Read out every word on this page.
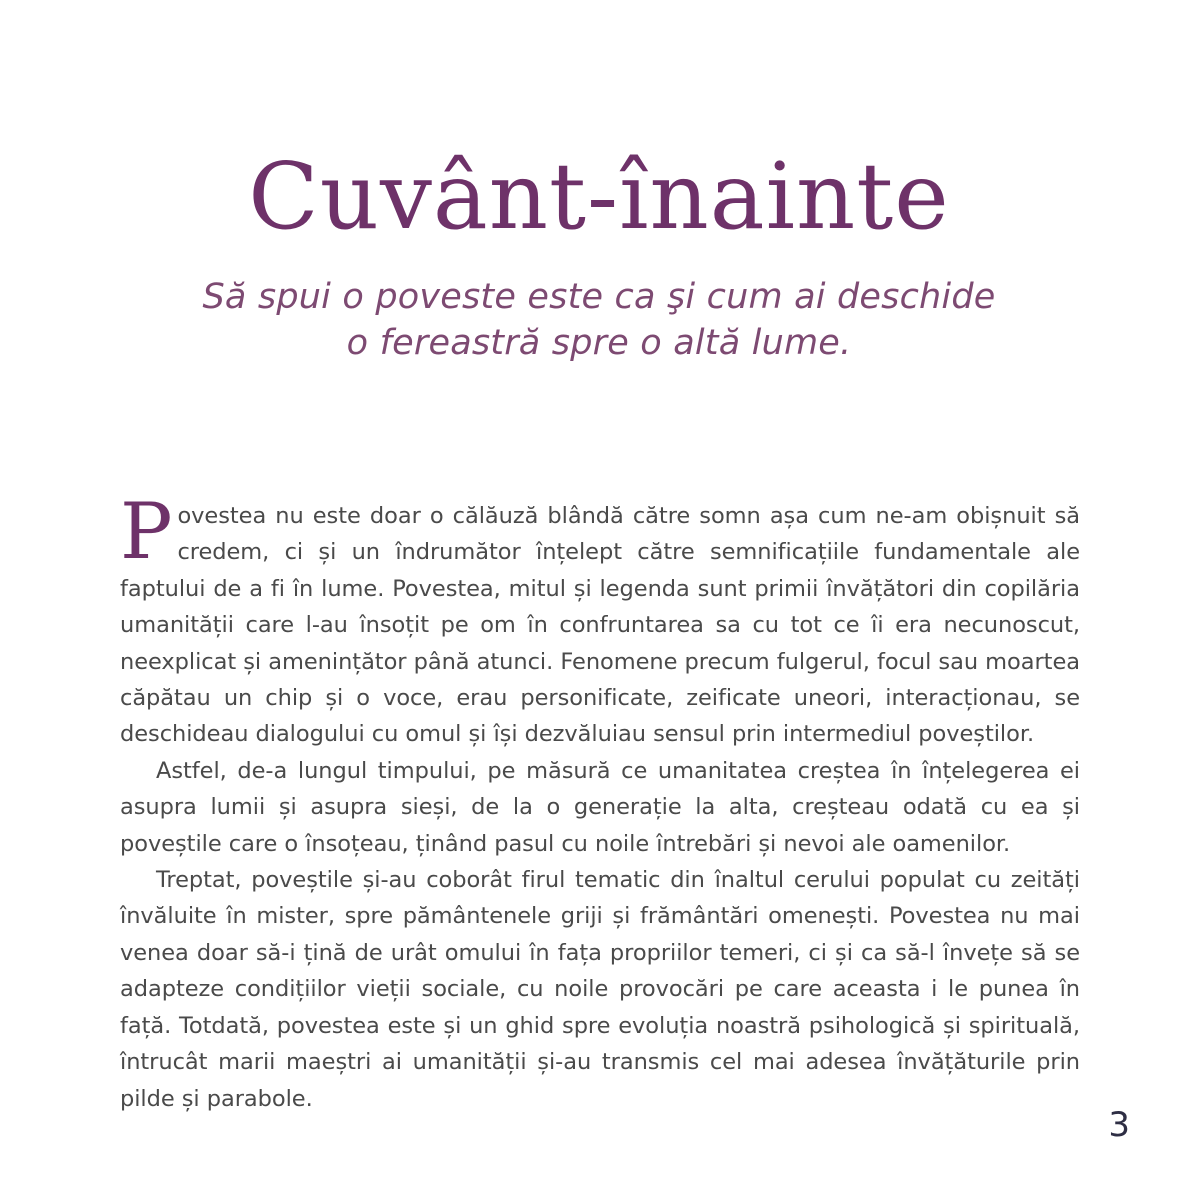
Cuvânt-înainte

Să spui o poveste este ca şi cum ai deschide
o fereastră spre o altă lume.

Povestea nu este doar o călăuză blândă către somn așa cum ne-am obișnuit să credem, ci și un îndrumător înțelept către semnificațiile fundamentale ale faptului de a fi în lume. Povestea, mitul și legenda sunt primii învățători din copilăria umanității care l-au însoțit pe om în confruntarea sa cu tot ce îi era necunoscut, neexplicat și amenințător până atunci. Fenomene precum fulgerul, focul sau moartea căpătau un chip și o voce, erau personificate, zeificate uneori, interacționau, se deschideau dialogului cu omul și își dezvăluiau sensul prin intermediul poveștilor.

Astfel, de-a lungul timpului, pe măsură ce umanitatea creștea în înțelegerea ei asupra lumii și asupra sieși, de la o generație la alta, creșteau odată cu ea și poveștile care o însoțeau, ținând pasul cu noile întrebări și nevoi ale oamenilor.

Treptat, poveștile și-au coborât firul tematic din înaltul cerului populat cu zeități învăluite în mister, spre pământenele griji și frământări omenești. Povestea nu mai venea doar să-i țină de urât omului în fața propriilor temeri, ci și ca să-l învețe să se adapteze condițiilor vieții sociale, cu noile provocări pe care aceasta i le punea în față. Totdată, povestea este și un ghid spre evoluția noastră psihologică și spirituală, întrucât marii maeștri ai umanității și-au transmis cel mai adesea învățăturile prin pilde și parabole.

3
